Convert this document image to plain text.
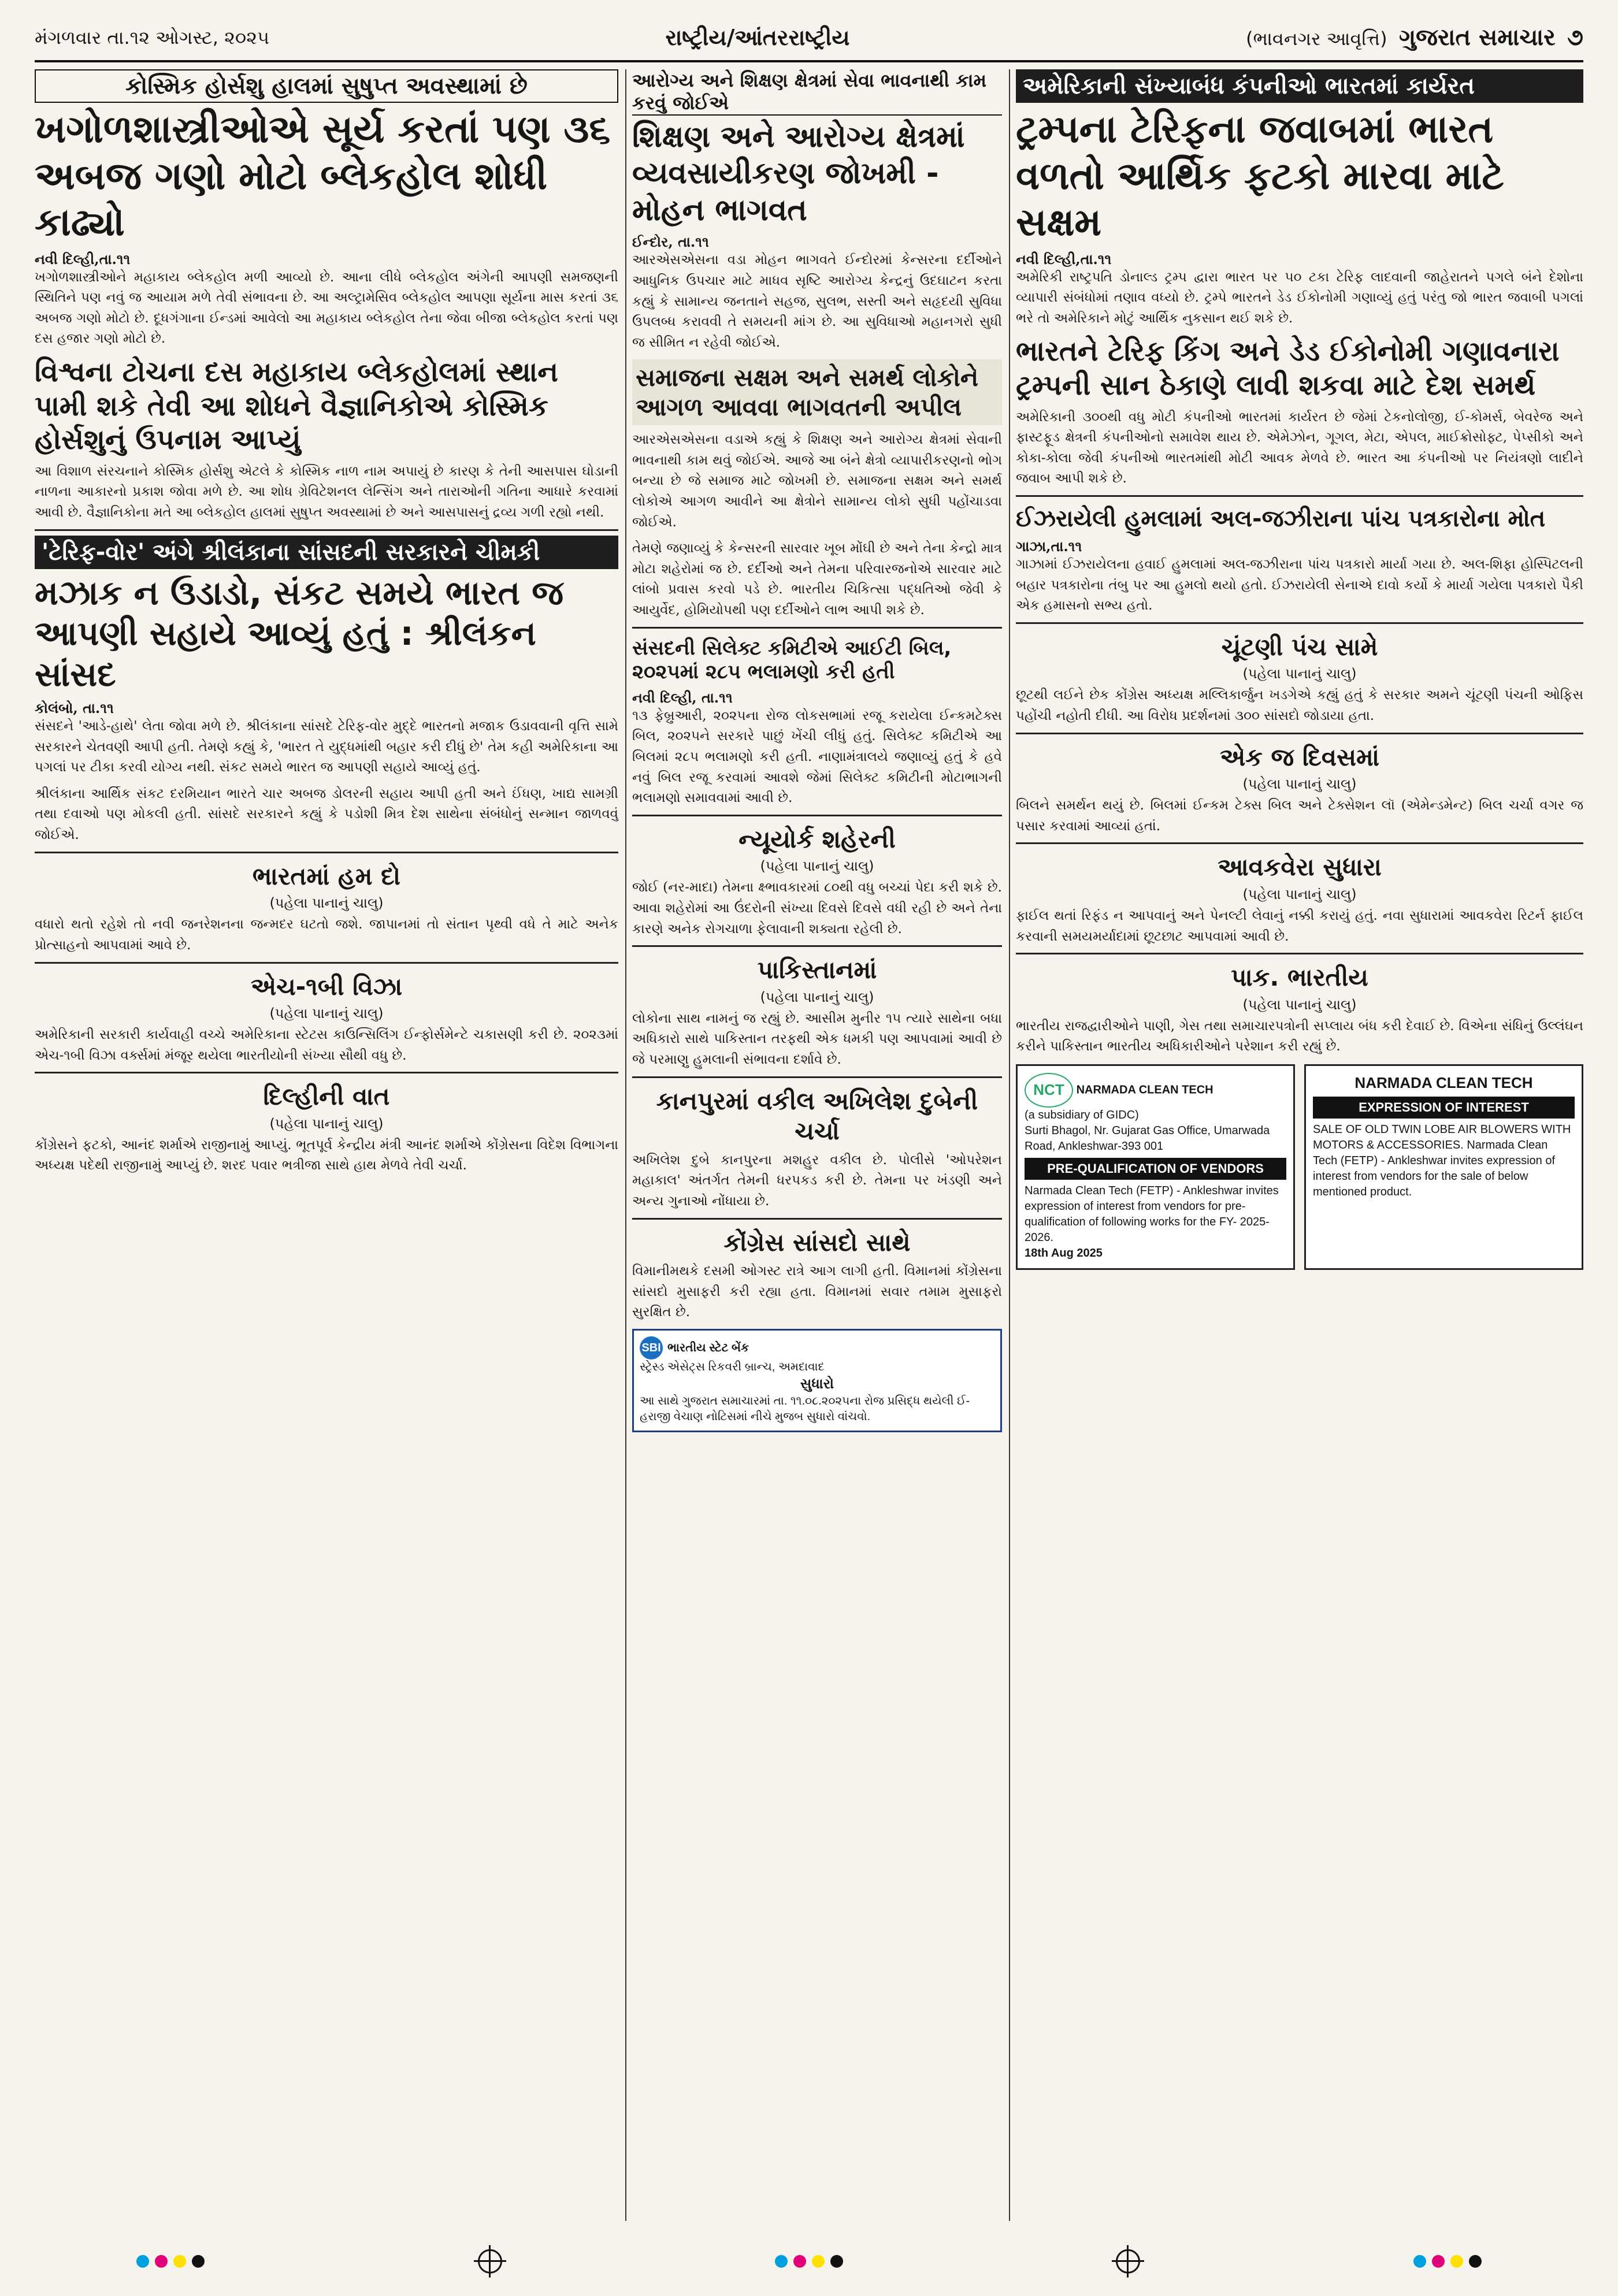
મંગળવાર તા.૧૨ ઓગસ્ટ, ૨૦૨૫	રાષ્ટ્રીય/આંતરરાષ્ટ્રીય	(ભાવનગર આવૃત્તિ) ગુજરાત સમાચાર ૭
કોસ્મિક હોર્સશુ હાલમાં સુષુપ્ત અવસ્થામાં છે
ખગોળશાસ્ત્રીઓએ સૂર્ય કરતાં પણ ૩૬ અબજ ગણો મોટો બ્લેકહોલ શોધી કાઢ્યો
નવી દિલ્હી,તા.૧૧

ખગોળશાસ્ત્રીઓને મહાકાય બ્લેકહોલ મળી આવ્યો છે. આના લીધે બ્લેકહોલ અંગેની આપણી સમજણની સ્થિતિને પણ નવું જ આયામ મળે તેવી સંભાવના છે. આ અલ્ટ્રામેસિવ બ્લેકહોલ આપણા સૂર્યના માસ કરતાં ૩૬ અબજ ગણો મોટો છે. દૂધગંગાના ઈન્ડમાં આવેલો આ મહાકાય બ્લેકહોલ તેના જેવા બીજા બ્લેકહોલ કરતાં પણ દસ હજાર ગણો મોટો છે.

વિશ્વના ટોચના દસ મહાકાય બ્લેકહોલમાં સ્થાન પામી શકે તેવી આ શોધને વૈજ્ઞાનિકોએ કોસ્મિક હોર્સશુનું ઉપનામ આપ્યું

આ વિશાળ સંરચનાને કોસ્મિક હોર્સશુ એટલે કે કોસ્મિક નાળ નામ અપાયું છે કારણ કે તેની આસપાસ ઘોડાની નાળના આકારનો પ્રકાશ જોવા મળે છે. આ શોધ ગ્રેવિટેશનલ લેન્સિંગ અને તારાઓની ગતિના આધારે કરવામાં આવી છે. વૈજ્ઞાનિકોના મતે આ બ્લેકહોલ હાલમાં સુષુપ્ત અવસ્થામાં છે અને આસપાસનું દ્રવ્ય ગળી રહ્યો નથી.

'ટેરિફ-વોર' અંગે શ્રીલંકાના સાંસદની સરકારને ચીમકી
મઝાક ન ઉડાડો, સંકટ સમયે ભારત જ આપણી સહાયે આવ્યું હતું : શ્રીલંકન સાંસદ
કોલંબો, તા.૧૧

સંસદને 'આડે-હાથે' લેતા જોવા મળે છે. શ્રીલંકાના સાંસદે ટેરિફ-વોર મુદ્દે ભારતનો મજાક ઉડાવવાની વૃત્તિ સામે સરકારને ચેતવણી આપી હતી. તેમણે કહ્યું કે, 'ભારત તે યુદ્ધમાંથી બહાર કરી દીધું છે' તેમ કહી અમેરિકાના આ પગલાં પર ટીકા કરવી યોગ્ય નથી. સંકટ સમયે ભારત જ આપણી સહાયે આવ્યું હતું.

શ્રીલંકાના આર્થિક સંકટ દરમિયાન ભારતે ચાર અબજ ડોલરની સહાય આપી હતી અને ઈંધણ, ખાદ્ય સામગ્રી તથા દવાઓ પણ મોકલી હતી. સાંસદે સરકારને કહ્યું કે પડોશી મિત્ર દેશ સાથેના સંબંધોનું સન્માન જાળવવું જોઈએ.

ભારતમાં હમ દો
(પહેલા પાનાનું ચાલુ)

વધારો થતો રહેશે તો નવી જનરેશનના જન્મદર ઘટતો જશે. જાપાનમાં તો સંતાન પૃથ્વી વધે તે માટે અનેક પ્રોત્સાહનો આપવામાં આવે છે.

એચ-૧બી વિઝા
(પહેલા પાનાનું ચાલુ)

અમેરિકાની સરકારી કાર્યવાહી વચ્ચે અમેરિકાના સ્ટેટસ કાઉન્સિલિંગ ઈન્ફોર્સમેન્ટે ચકાસણી કરી છે. ૨૦૨૩માં એચ-૧બી વિઝા વર્ક્સમાં મંજૂર થયેલા ભારતીયોની સંખ્યા સૌથી વધુ છે.

દિલ્હીની વાત
(પહેલા પાનાનું ચાલુ)

કોંગ્રેસને ફટકો, આનંદ શર્માએ રાજીનામું આપ્યું. ભૂતપૂર્વ કેન્દ્રીય મંત્રી આનંદ શર્માએ કોંગ્રેસના વિદેશ વિભાગના અધ્યક્ષ પદેથી રાજીનામું આપ્યું છે. શરદ પવાર ભત્રીજા સાથે હાથ મેળવે તેવી ચર્ચા.

આરોગ્ય અને શિક્ષણ ક્ષેત્રમાં સેવા ભાવનાથી કામ કરવું જોઈએ
શિક્ષણ અને આરોગ્ય ક્ષેત્રમાં વ્યવસાયીકરણ જોખમી - મોહન ભાગવત
ઈન્દોર, તા.૧૧

આરએસએસના વડા મોહન ભાગવતે ઈન્દોરમાં કેન્સરના દર્દીઓને આધુનિક ઉપચાર માટે માધવ સૃષ્ટિ આરોગ્ય કેન્દ્રનું ઉદઘાટન કરતા કહ્યું કે સામાન્ય જનતાને સહજ, સુલભ, સસ્તી અને સહૃદયી સુવિધા ઉપલબ્ધ કરાવવી તે સમયની માંગ છે. આ સુવિધાઓ મહાનગરો સુધી જ સીમિત ન રહેવી જોઈએ.

સમાજના સક્ષમ અને સમર્થ લોકોને આગળ આવવા ભાગવતની અપીલ

આરએસએસના વડાએ કહ્યું કે શિક્ષણ અને આરોગ્ય ક્ષેત્રમાં સેવાની ભાવનાથી કામ થવું જોઈએ. આજે આ બંને ક્ષેત્રો વ્યાપારીકરણનો ભોગ બન્યા છે જે સમાજ માટે જોખમી છે. સમાજના સક્ષમ અને સમર્થ લોકોએ આગળ આવીને આ ક્ષેત્રોને સામાન્ય લોકો સુધી પહોંચાડવા જોઈએ.

તેમણે જણાવ્યું કે કેન્સરની સારવાર ખૂબ મોંઘી છે અને તેના કેન્દ્રો માત્ર મોટા શહેરોમાં જ છે. દર્દીઓ અને તેમના પરિવારજનોએ સારવાર માટે લાંબો પ્રવાસ કરવો પડે છે. ભારતીય ચિકિત્સા પદ્ધતિઓ જેવી કે આયુર્વેદ, હોમિયોપથી પણ દર્દીઓને લાભ આપી શકે છે.

સંસદની સિલેક્ટ કમિટીએ આઈટી બિલ, ૨૦૨૫માં ૨૮૫ ભલામણો કરી હતી
નવી દિલ્હી, તા.૧૧

૧૩ ફેબ્રુઆરી, ૨૦૨૫ના રોજ લોકસભામાં રજૂ કરાયેલા ઈન્કમટેક્સ બિલ, ૨૦૨૫ને સરકારે પાછું ખેંચી લીધું હતું. સિલેક્ટ કમિટીએ આ બિલમાં ૨૮૫ ભલામણો કરી હતી. નાણામંત્રાલયે જણાવ્યું હતું કે હવે નવું બિલ રજૂ કરવામાં આવશે જેમાં સિલેક્ટ કમિટીની મોટાભાગની ભલામણો સમાવવામાં આવી છે.

ન્યૂયોર્ક શહેરની
(પહેલા પાનાનું ચાલુ)

જોઈ (નર-માદા) તેમના ક્ષ્ભાવકારમાં ૮૦થી વધુ બચ્ચાં પેદા કરી શકે છે. આવા શહેરોમાં આ ઉંદરોની સંખ્યા દિવસે દિવસે વધી રહી છે અને તેના કારણે અનેક રોગચાળા ફેલાવાની શક્યતા રહેલી છે.

પાકિસ્તાનમાં
(પહેલા પાનાનું ચાલુ)

લોકોના સાથ નામનું જ રહ્યું છે. આસીમ મુનીર ૧૫ ત્યારે સાથેના બધા અધિકારો સાથે પાકિસ્તાન તરફથી એક ધમકી પણ આપવામાં આવી છે જે પરમાણુ હુમલાની સંભાવના દર્શાવે છે.

કાનપુરમાં વકીલ અખિલેશ દુબેની ચર્ચા

અખિલેશ દુબે કાનપુરના મશહુર વકીલ છે. પોલીસે 'ઓપરેશન મહાકાલ' અંતર્ગત તેમની ધરપકડ કરી છે. તેમના પર ખંડણી અને અન્ય ગુનાઓ નોંધાયા છે.

કોંગ્રેસ સાંસદો સાથે

વિમાનીમથકે દસમી ઓગસ્ટ રાત્રે આગ લાગી હતી. વિમાનમાં કોંગ્રેસના સાંસદો મુસાફરી કરી રહ્યા હતા. વિમાનમાં સવાર તમામ મુસાફરો સુરક્ષિત છે.

SBI ભારતીય સ્ટેટ બેંક
સ્ટ્રેસ્ડ એસેટ્સ રિકવરી બ્રાન્ચ, અમદાવાદ
સુધારો
આ સાથે ગુજરાત સમાચારમાં તા. ૧૧.૦૮.૨૦૨૫ના રોજ પ્રસિદ્ધ થયેલી ઈ-હરાજી વેચાણ નોટિસમાં નીચે મુજબ સુધારો વાંચવો.
અમેરિકાની સંખ્યાબંધ કંપનીઓ ભારતમાં કાર્યરત
ટ્રમ્પના ટેરિફના જવાબમાં ભારત વળતો આર્થિક ફટકો મારવા માટે સક્ષમ
નવી દિલ્હી,તા.૧૧

અમેરિકી રાષ્ટ્રપતિ ડોનાલ્ડ ટ્રમ્પ દ્વારા ભારત પર ૫૦ ટકા ટેરિફ લાદવાની જાહેરાતને પગલે બંને દેશોના વ્યાપારી સંબંધોમાં તણાવ વધ્યો છે. ટ્રમ્પે ભારતને ડેડ ઈકોનોમી ગણાવ્યું હતું પરંતુ જો ભારત જવાબી પગલાં ભરે તો અમેરિકાને મોટું આર્થિક નુકસાન થઈ શકે છે.

ભારતને ટેરિફ કિંગ અને ડેડ ઈકોનોમી ગણાવનારા ટ્રમ્પની સાન ઠેકાણે લાવી શકવા માટે દેશ સમર્થ

અમેરિકાની ૩૦૦થી વધુ મોટી કંપનીઓ ભારતમાં કાર્યરત છે જેમાં ટેકનોલોજી, ઈ-કોમર્સ, બેવરેજ અને ફાસ્ટફૂડ ક્ષેત્રની કંપનીઓનો સમાવેશ થાય છે. એમેઝોન, ગૂગલ, મેટા, એપલ, માઈક્રોસોફ્ટ, પેપ્સીકો અને કોકા-કોલા જેવી કંપનીઓ ભારતમાંથી મોટી આવક મેળવે છે. ભારત આ કંપનીઓ પર નિયંત્રણો લાદીને જવાબ આપી શકે છે.

ઈઝરાયેલી હુમલામાં અલ-જઝીરાના પાંચ પત્રકારોના મોત
ગાઝા,તા.૧૧

ગાઝામાં ઈઝરાયેલના હવાઈ હુમલામાં અલ-જઝીરાના પાંચ પત્રકારો માર્યા ગયા છે. અલ-શિફા હોસ્પિટલની બહાર પત્રકારોના તંબુ પર આ હુમલો થયો હતો. ઈઝરાયેલી સેનાએ દાવો કર્યો કે માર્યા ગયેલા પત્રકારો પૈકી એક હમાસનો સભ્ય હતો.

ચૂંટણી પંચ સામે
(પહેલા પાનાનું ચાલુ)

છૂટથી લઈને છેક કોંગ્રેસ અધ્યક્ષ મલ્લિકાર્જુન ખડગેએ કહ્યું હતું કે સરકાર અમને ચૂંટણી પંચની ઓફિસ પહોંચી નહોતી દીધી. આ વિરોધ પ્રદર્શનમાં ૩૦૦ સાંસદો જોડાયા હતા.

એક જ દિવસમાં
(પહેલા પાનાનું ચાલુ)

બિલને સમર્થન થયું છે. બિલમાં ઈન્કમ ટેક્સ બિલ અને ટેક્સેશન લૉ (એમેન્ડમેન્ટ) બિલ ચર્ચા વગર જ પસાર કરવામાં આવ્યાં હતાં.

આવકવેરા સુધારા
(પહેલા પાનાનું ચાલુ)

ફાઈલ થતાં રિફંડ ન આપવાનું અને પેનલ્ટી લેવાનું નક્કી કરાયું હતું. નવા સુધારામાં આવકવેરા રિટર્ન ફાઈલ કરવાની સમયમર્યાદામાં છૂટછાટ આપવામાં આવી છે.

પાક. ભારતીય
(પહેલા પાનાનું ચાલુ)

ભારતીય રાજદ્વારીઓને પાણી, ગેસ તથા સમાચારપત્રોની સપ્લાય બંધ કરી દેવાઈ છે. વિએના સંધિનું ઉલ્લંઘન કરીને પાકિસ્તાન ભારતીય અધિકારીઓને પરેશાન કરી રહ્યું છે.

NCT NARMADA CLEAN TECH
(a subsidiary of GIDC)
Surti Bhagol, Nr. Gujarat Gas Office, Umarwada Road, Ankleshwar-393 001
PRE-QUALIFICATION OF VENDORS
Narmada Clean Tech (FETP) - Ankleshwar invites expression of interest from vendors for pre-qualification of following works for the FY- 2025-2026.
18th Aug 2025
NARMADA CLEAN TECH
EXPRESSION OF INTEREST
SALE OF OLD TWIN LOBE AIR BLOWERS WITH MOTORS & ACCESSORIES. Narmada Clean Tech (FETP) - Ankleshwar invites expression of interest from vendors for the sale of below mentioned product.
